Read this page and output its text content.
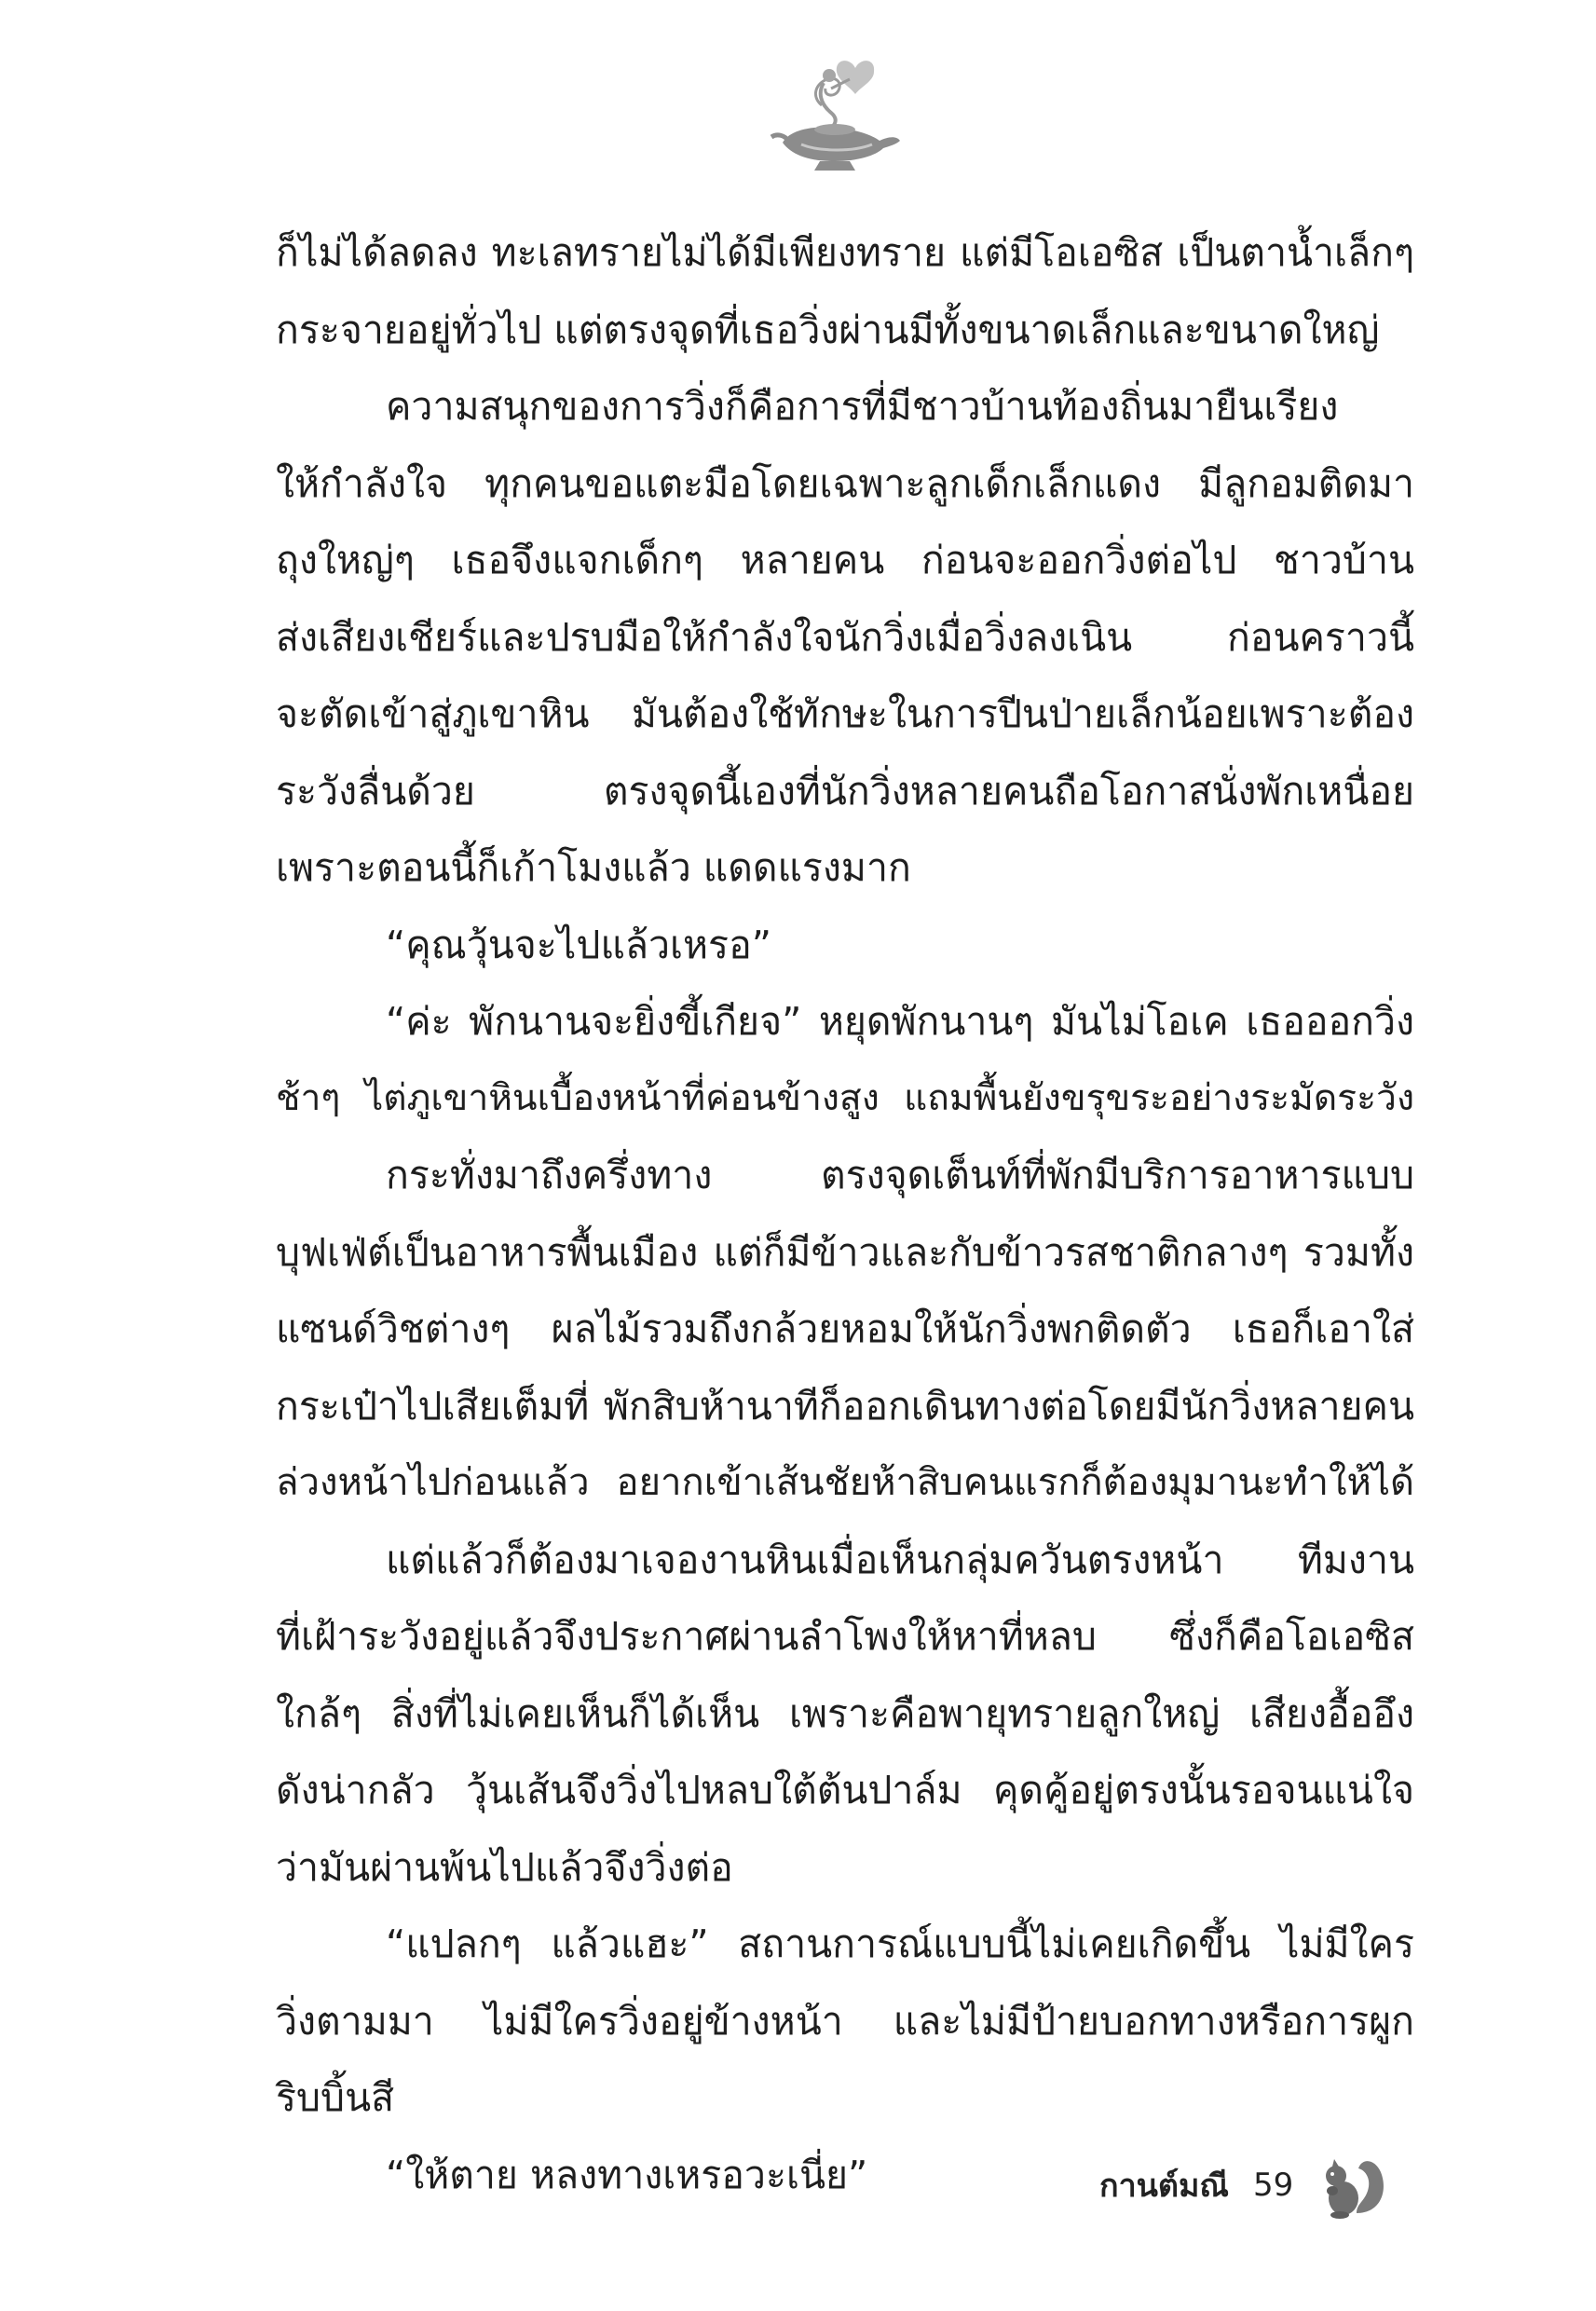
ก็ไม่ได้ลดลง ทะเลทรายไม่ได้มีเพียงทราย แต่มีโอเอซิส เป็นตาน้ำเล็กๆ
กระจายอยู่ทั่วไป แต่ตรงจุดที่เธอวิ่งผ่านมีทั้งขนาดเล็กและขนาดใหญ่
ความสนุกของการวิ่งก็คือการที่มีชาวบ้านท้องถิ่นมายืนเรียง
ให้กำลังใจ ทุกคนขอแตะมือโดยเฉพาะลูกเด็กเล็กแดง มีลูกอมติดมา
ถุงใหญ่ๆ เธอจึงแจกเด็กๆ หลายคน ก่อนจะออกวิ่งต่อไป ชาวบ้าน
ส่งเสียงเชียร์และปรบมือให้กำลังใจนักวิ่งเมื่อวิ่งลงเนิน ก่อนคราวนี้
จะตัดเข้าสู่ภูเขาหิน มันต้องใช้ทักษะในการปีนป่ายเล็กน้อยเพราะต้อง
ระวังลื่นด้วย ตรงจุดนี้เองที่นักวิ่งหลายคนถือโอกาสนั่งพักเหนื่อย
เพราะตอนนี้ก็เก้าโมงแล้ว แดดแรงมาก
“คุณวุ้นจะไปแล้วเหรอ”
“ค่ะ พักนานจะยิ่งขี้เกียจ” หยุดพักนานๆ มันไม่โอเค เธอออกวิ่ง
ช้าๆ ไต่ภูเขาหินเบื้องหน้าที่ค่อนข้างสูง แถมพื้นยังขรุขระอย่างระมัดระวัง
กระทั่งมาถึงครึ่งทาง ตรงจุดเต็นท์ที่พักมีบริการอาหารแบบ
บุฟเฟ่ต์เป็นอาหารพื้นเมือง แต่ก็มีข้าวและกับข้าวรสชาติกลางๆ รวมทั้ง
แซนด์วิชต่างๆ ผลไม้รวมถึงกล้วยหอมให้นักวิ่งพกติดตัว เธอก็เอาใส่
กระเป๋าไปเสียเต็มที่ พักสิบห้านาทีก็ออกเดินทางต่อโดยมีนักวิ่งหลายคน
ล่วงหน้าไปก่อนแล้ว อยากเข้าเส้นชัยห้าสิบคนแรกก็ต้องมุมานะทำให้ได้
แต่แล้วก็ต้องมาเจองานหินเมื่อเห็นกลุ่มควันตรงหน้า ทีมงาน
ที่เฝ้าระวังอยู่แล้วจึงประกาศผ่านลำโพงให้หาที่หลบ ซึ่งก็คือโอเอซิส
ใกล้ๆ สิ่งที่ไม่เคยเห็นก็ได้เห็น เพราะคือพายุทรายลูกใหญ่ เสียงอื้ออึง
ดังน่ากลัว วุ้นเส้นจึงวิ่งไปหลบใต้ต้นปาล์ม คุดคู้อยู่ตรงนั้นรอจนแน่ใจ
ว่ามันผ่านพ้นไปแล้วจึงวิ่งต่อ
“แปลกๆ แล้วแฮะ” สถานการณ์แบบนี้ไม่เคยเกิดขึ้น ไม่มีใคร
วิ่งตามมา ไม่มีใครวิ่งอยู่ข้างหน้า และไม่มีป้ายบอกทางหรือการผูก
ริบบิ้นสี
“ให้ตาย หลงทางเหรอวะเนี่ย”	กานต์มณี 59
